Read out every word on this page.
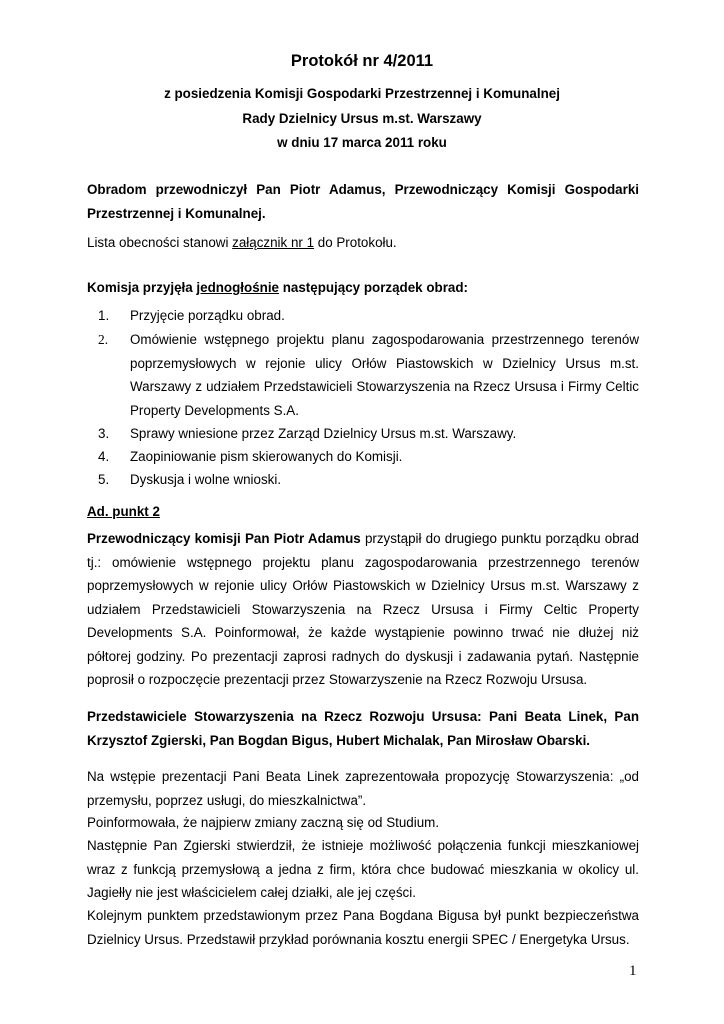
Protokół nr 4/2011
z posiedzenia Komisji Gospodarki Przestrzennej i Komunalnej
Rady Dzielnicy Ursus m.st. Warszawy
w dniu 17 marca 2011 roku

Obradom przewodniczył Pan Piotr Adamus, Przewodniczący Komisji Gospodarki Przestrzennej i Komunalnej.

Lista obecności stanowi załącznik nr 1 do Protokołu.

Komisja przyjęła jednogłośnie następujący porządek obrad:

1. Przyjęcie porządku obrad.

2. Omówienie wstępnego projektu planu zagospodarowania przestrzennego terenów poprzemysłowych w rejonie ulicy Orłów Piastowskich w Dzielnicy Ursus m.st. Warszawy z udziałem Przedstawicieli Stowarzyszenia na Rzecz Ursusa i Firmy Celtic Property Developments S.A.

3. Sprawy wniesione przez Zarząd Dzielnicy Ursus m.st. Warszawy.

4. Zaopiniowanie pism skierowanych do Komisji.

5. Dyskusja i wolne wnioski.

Ad. punkt 2

Przewodniczący komisji Pan Piotr Adamus przystąpił do drugiego punktu porządku obrad tj.: omówienie wstępnego projektu planu zagospodarowania przestrzennego terenów poprzemysłowych w rejonie ulicy Orłów Piastowskich w Dzielnicy Ursus m.st. Warszawy z udziałem Przedstawicieli Stowarzyszenia na Rzecz Ursusa i Firmy Celtic Property Developments S.A. Poinformował, że każde wystąpienie powinno trwać nie dłużej niż półtorej godziny. Po prezentacji zaprosi radnych do dyskusji i zadawania pytań. Następnie poprosił o rozpoczęcie prezentacji przez Stowarzyszenie na Rzecz Rozwoju Ursusa.

Przedstawiciele Stowarzyszenia na Rzecz Rozwoju Ursusa: Pani Beata Linek, Pan Krzysztof Zgierski, Pan Bogdan Bigus, Hubert Michalak, Pan Mirosław Obarski.

Na wstępie prezentacji Pani Beata Linek zaprezentowała propozycję Stowarzyszenia: „od przemysłu, poprzez usługi, do mieszkalnictwa”.

Poinformowała, że najpierw zmiany zaczną się od Studium.

Następnie Pan Zgierski stwierdził, że istnieje możliwość połączenia funkcji mieszkaniowej wraz z funkcją przemysłową a jedna z firm, która chce budować mieszkania w okolicy ul. Jagiełły nie jest właścicielem całej działki, ale jej części.

Kolejnym punktem przedstawionym przez Pana Bogdana Bigusa był punkt bezpieczeństwa Dzielnicy Ursus. Przedstawił przykład porównania kosztu energii SPEC / Energetyka Ursus.

1
